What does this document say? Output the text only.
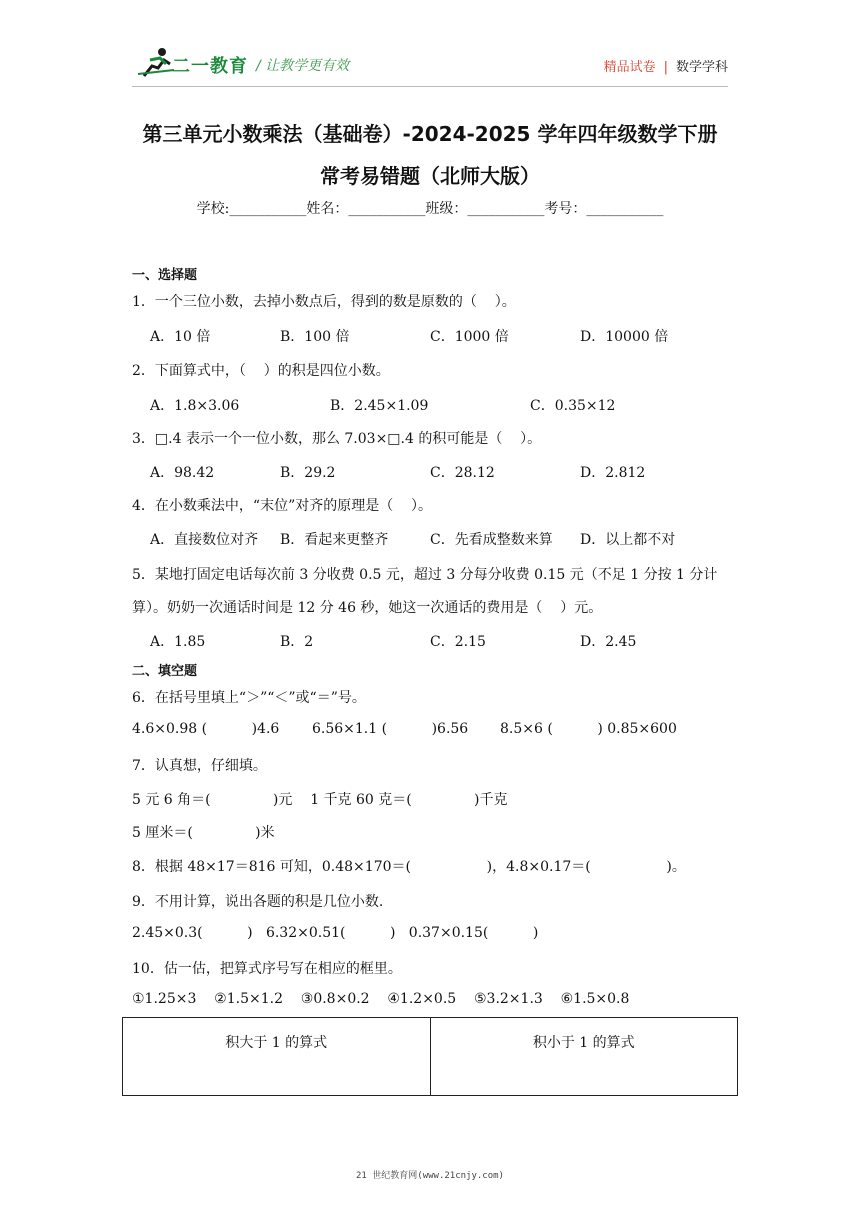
二一教育 / 让教学更有效	精品试卷 | 数学学科
第三单元小数乘法（基础卷）-2024-2025 学年四年级数学下册
常考易错题（北师大版）
学校:___________姓名：___________班级：___________考号：___________
一、选择题
1．一个三位小数，去掉小数点后，得到的数是原数的（    ）。
A．10 倍	B．100 倍	C．1000 倍	D．10000 倍
2．下面算式中，（    ）的积是四位小数。
A．1.8×3.06	B．2.45×1.09	C．0.35×12
3．□.4 表示一个一位小数，那么 7.03×□.4 的积可能是（    ）。
A．98.42	B．29.2	C．28.12	D．2.812
4．在小数乘法中，“末位”对齐的原理是（    ）。
A．直接数位对齐 B．看起来更整齐	C．先看成整数来算 D．以上都不对
5．某地打固定电话每次前 3 分收费 0.5 元，超过 3 分每分收费 0.15 元（不足 1 分按 1 分计
算）。奶奶一次通话时间是 12 分 46 秒，她这一次通话的费用是（    ）元。
A．1.85	B．2	C．2.15	D．2.45
二、填空题
6．在括号里填上“＞”“＜”或“＝”号。
4.6×0.98 (          )4.6 6.56×1.1 (          )6.56 8.5×6 (          ) 0.85×600
7．认真想，仔细填。
5 元 6 角＝(              )元    1 千克 60 克＝(              )千克
5 厘米＝(              )米
8．根据 48×17＝816 可知，0.48×170＝(                 )，4.8×0.17＝(                 )。
9．不用计算，说出各题的积是几位小数.
2.45×0.3(          )   6.32×0.51(          )   0.37×0.15(          )
10．估一估，把算式序号写在相应的框里。
①1.25×3    ②1.5×1.2    ③0.8×0.2    ④1.2×0.5    ⑤3.2×1.3    ⑥1.5×0.8
积大于 1 的算式	积小于 1 的算式
21 世纪教育网(www.21cnjy.com)
